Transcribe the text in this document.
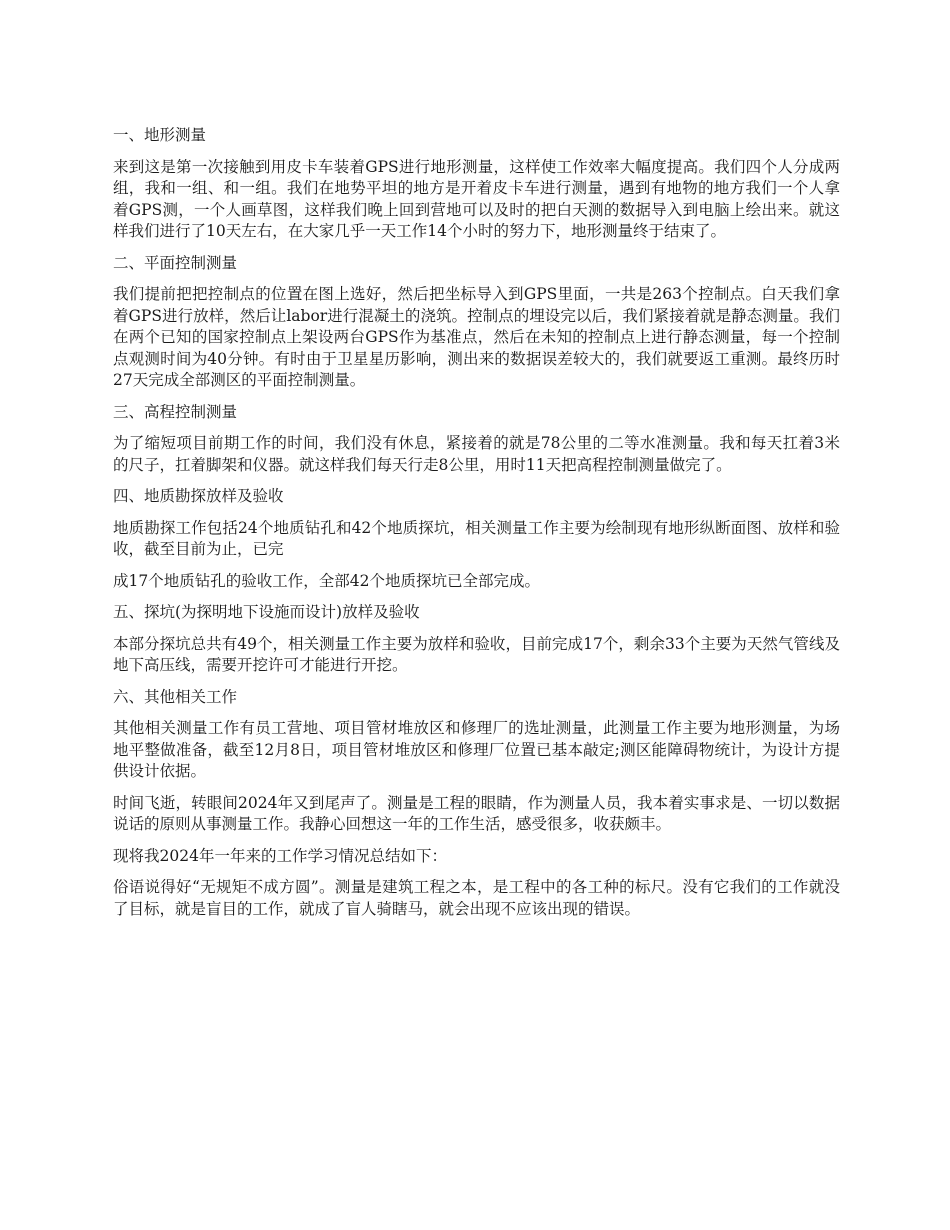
一、地形测量
来到这是第一次接触到用皮卡车装着GPS进行地形测量，这样使工作效率大幅度提高。我们四个人分成两组，我和一组、和一组。我们在地势平坦的地方是开着皮卡车进行测量，遇到有地物的地方我们一个人拿着GPS测，一个人画草图，这样我们晚上回到营地可以及时的把白天测的数据导入到电脑上绘出来。就这样我们进行了10天左右，在大家几乎一天工作14个小时的努力下，地形测量终于结束了。
二、平面控制测量
我们提前把把控制点的位置在图上选好，然后把坐标导入到GPS里面，一共是263个控制点。白天我们拿着GPS进行放样，然后让labor进行混凝土的浇筑。控制点的埋设完以后，我们紧接着就是静态测量。我们在两个已知的国家控制点上架设两台GPS作为基准点，然后在未知的控制点上进行静态测量，每一个控制点观测时间为40分钟。有时由于卫星星历影响，测出来的数据误差较大的，我们就要返工重测。最终历时27天完成全部测区的平面控制测量。
三、高程控制测量
为了缩短项目前期工作的时间，我们没有休息，紧接着的就是78公里的二等水准测量。我和每天扛着3米的尺子，扛着脚架和仪器。就这样我们每天行走8公里，用时11天把高程控制测量做完了。
四、地质勘探放样及验收
地质勘探工作包括24个地质钻孔和42个地质探坑，相关测量工作主要为绘制现有地形纵断面图、放样和验收，截至目前为止，已完
成17个地质钻孔的验收工作，全部42个地质探坑已全部完成。
五、探坑(为探明地下设施而设计)放样及验收
本部分探坑总共有49个，相关测量工作主要为放样和验收，目前完成17个，剩余33个主要为天然气管线及地下高压线，需要开挖许可才能进行开挖。
六、其他相关工作
其他相关测量工作有员工营地、项目管材堆放区和修理厂的选址测量，此测量工作主要为地形测量，为场地平整做准备，截至12月8日，项目管材堆放区和修理厂位置已基本敲定;测区能障碍物统计，为设计方提供设计依据。
时间飞逝，转眼间2024年又到尾声了。测量是工程的眼睛，作为测量人员，我本着实事求是、一切以数据说话的原则从事测量工作。我静心回想这一年的工作生活，感受很多，收获颇丰。
现将我2024年一年来的工作学习情况总结如下：
俗语说得好“无规矩不成方圆”。测量是建筑工程之本，是工程中的各工种的标尺。没有它我们的工作就没了目标，就是盲目的工作，就成了盲人骑瞎马，就会出现不应该出现的错误。
